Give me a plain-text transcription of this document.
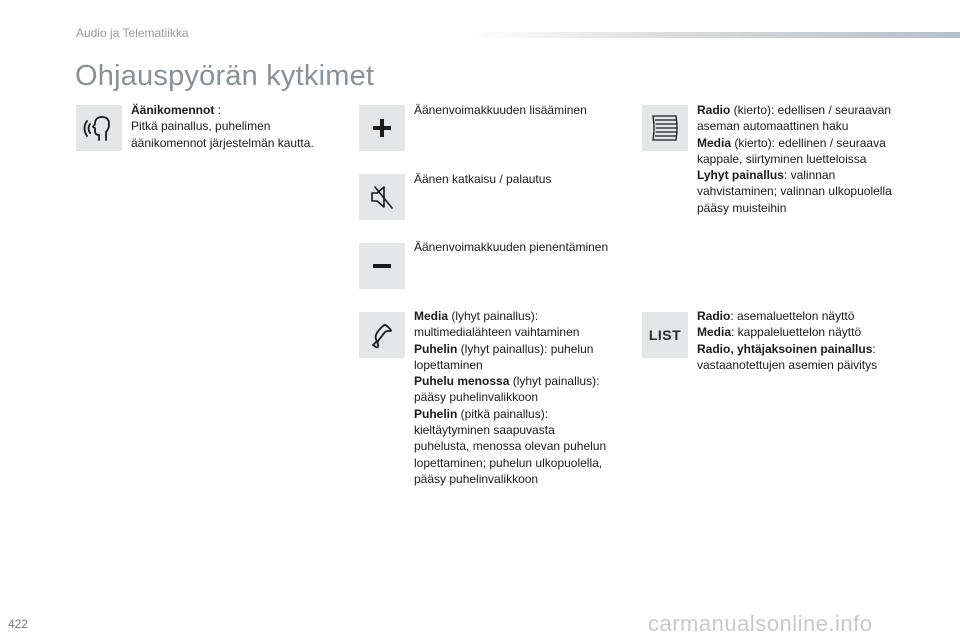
Audio ja Telematiikka
Ohjauspyörän kytkimet
Äänikomennot :
Pitkä painallus, puhelimen
äänikomennot järjestelmän kautta.
Äänenvoimakkuuden lisääminen
Äänen katkaisu / palautus
Äänenvoimakkuuden pienentäminen
Media (lyhyt painallus):
multimedialähteen vaihtaminen
Puhelin (lyhyt painallus): puhelun
lopettaminen
Puhelu menossa (lyhyt painallus):
pääsy puhelinvalikkoon
Puhelin (pitkä painallus):
kieltäytyminen saapuvasta
puhelusta, menossa olevan puhelun
lopettaminen; puhelun ulkopuolella,
pääsy puhelinvalikkoon
Radio (kierto): edellisen / seuraavan
aseman automaattinen haku
Media (kierto): edellinen / seuraava
kappale, siirtyminen luetteloissa
Lyhyt painallus: valinnan
vahvistaminen; valinnan ulkopuolella
pääsy muisteihin
LIST
Radio: asemaluettelon näyttö
Media: kappaleluettelon näyttö
Radio, yhtäjaksoinen painallus:
vastaanotettujen asemien päivitys
422	carmanualsonline.info
